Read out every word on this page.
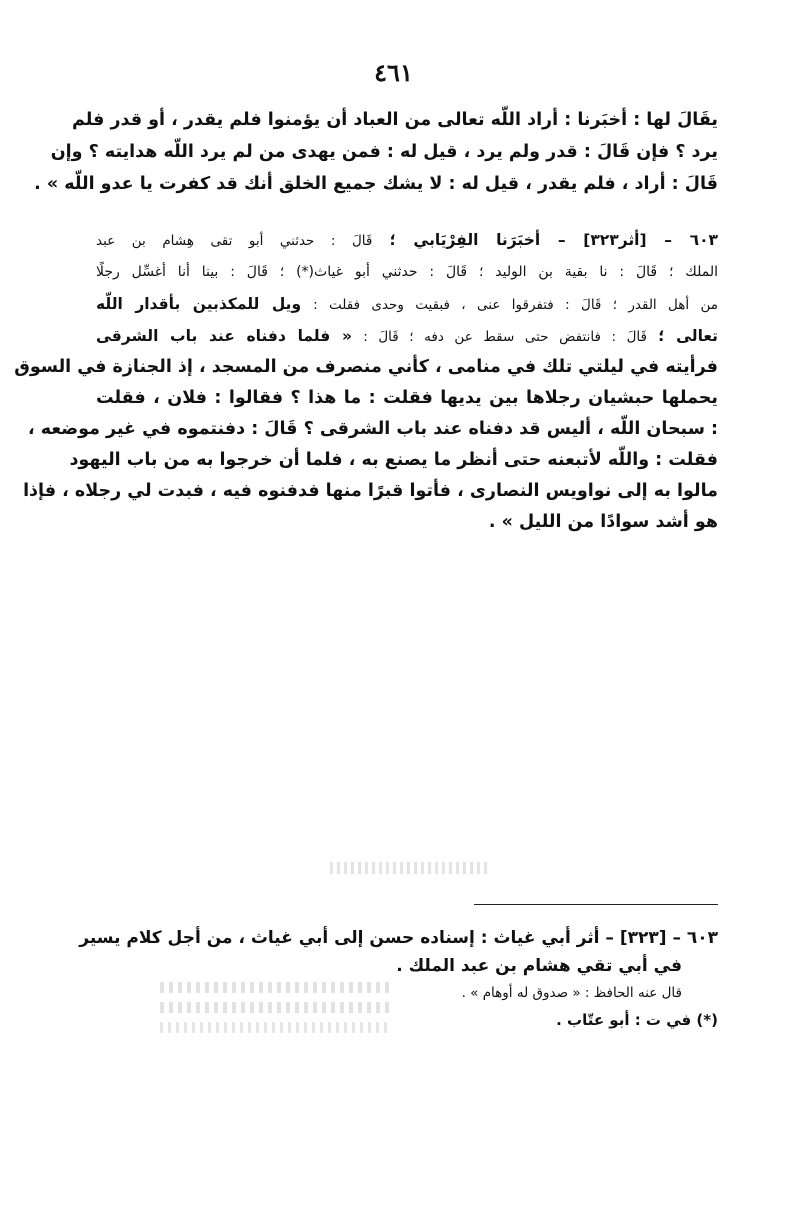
٤٦١
يقَالَ لها : أخبَرنا : أراد اللّه تعالى من العباد أن يؤمنوا فلم يقدر ، أو قدر فلم
يرد ؟ فإن قَالَ : قدر ولم يرد ، قيل له : فمن يهدى من لم يرد اللّه هدايته ؟ وإن
قَالَ : أراد ، فلم يقدر ، قيل له : لا يشك جميع الخلق أنك قد كفرت يا عدو اللّه » .
٦٠٣ – [أثر٣٢٣] – أخبَرَنا الفِرْيَابي ؛ قَالَ : حدثني أبو تقى هِشام بن عبد
الملك ؛ قَالَ : نا بقية بن الوليد ؛ قَالَ : حدثني أبو غياث(*) ؛ قَالَ : بينا أنا أغسِّل رجلًا
من أهل القدر ؛ قَالَ : فتفرقوا عنى ، فبقيت وحدى فقلت : ويل للمكذبين بأقدار اللّه
تعالى ؛ قَالَ : فانتفض حتى سقط عن دفه ؛ قَالَ : « فلما دفناه عند باب الشرقى
فرأيته في ليلتي تلك في منامى ، كأني منصرف من المسجد ، إذ الجنازة في السوق
يحملها حبشيان رجلاها بين يديها فقلت : ما هذا ؟ فقالوا : فلان ، فقلت
: سبحان اللّه ، أليس قد دفناه عند باب الشرقى ؟ قَالَ : دفنتموه في غير موضعه ،
فقلت : واللّه لأتبعنه حتى أنظر ما يصنع به ، فلما أن خرجوا به من باب اليهود
مالوا به إلى نواويس النصارى ، فأتوا قبرًا منها فدفنوه فيه ، فبدت لي رجلاه ، فإذا
هو أشد سوادًا من الليل » .
٦٠٣ – [٣٢٣] – أثر أبي غياث : إسناده حسن إلى أبي غياث ، من أجل كلام يسير
في أبي تقي هشام بن عبد الملك .
قال عنه الحافظ : « صدوق له أوهام » .
(*) في ت : أبو عتّاب .
